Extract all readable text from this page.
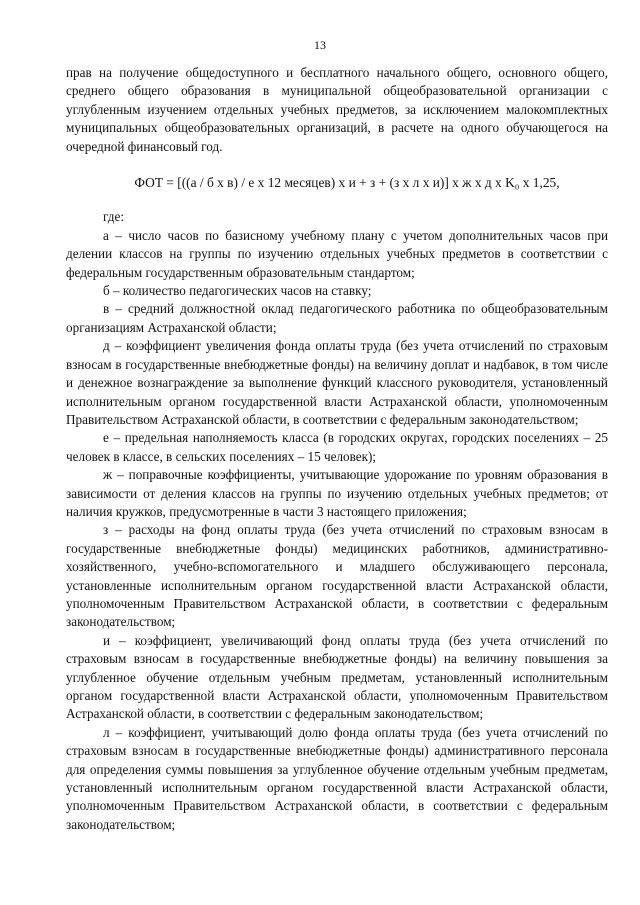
13

прав на получение общедоступного и бесплатного начального общего, основного общего, среднего общего образования в муниципальной общеобразовательной организации с углубленным изучением отдельных учебных предметов, за исключением малокомплектных муниципальных общеобразовательных организаций, в расчете на одного обучающегося на очередной финансовый год.

ФОТ = [((а / б х в) / е х 12 месяцев) х и + з + (з х л х и)] х ж х д х K₀ х 1,25,

где:

а – число часов по базисному учебному плану с учетом дополнительных часов при делении классов на группы по изучению отдельных учебных предметов в соответствии с федеральным государственным образовательным стандартом;

б – количество педагогических часов на ставку;

в – средний должностной оклад педагогического работника по общеобразовательным организациям Астраханской области;

д – коэффициент увеличения фонда оплаты труда (без учета отчислений по страховым взносам в государственные внебюджетные фонды) на величину доплат и надбавок, в том числе и денежное вознаграждение за выполнение функций классного руководителя, установленный исполнительным органом государственной власти Астраханской области, уполномоченным Правительством Астраханской области, в соответствии с федеральным законодательством;

е – предельная наполняемость класса (в городских округах, городских поселениях – 25 человек в классе, в сельских поселениях – 15 человек);

ж – поправочные коэффициенты, учитывающие удорожание по уровням образования в зависимости от деления классов на группы по изучению отдельных учебных предметов; от наличия кружков, предусмотренные в части 3 настоящего приложения;

з – расходы на фонд оплаты труда (без учета отчислений по страховым взносам в государственные внебюджетные фонды) медицинских работников, административно-хозяйственного, учебно-вспомогательного и младшего обслуживающего персонала, установленные исполнительным органом государственной власти Астраханской области, уполномоченным Правительством Астраханской области, в соответствии с федеральным законодательством;

и – коэффициент, увеличивающий фонд оплаты труда (без учета отчислений по страховым взносам в государственные внебюджетные фонды) на величину повышения за углубленное обучение отдельным учебным предметам, установленный исполнительным органом государственной власти Астраханской области, уполномоченным Правительством Астраханской области, в соответствии с федеральным законодательством;

л – коэффициент, учитывающий долю фонда оплаты труда (без учета отчислений по страховым взносам в государственные внебюджетные фонды) административного персонала для определения суммы повышения за углубленное обучение отдельным учебным предметам, установленный исполнительным органом государственной власти Астраханской области, уполномоченным Правительством Астраханской области, в соответствии с федеральным законодательством;
